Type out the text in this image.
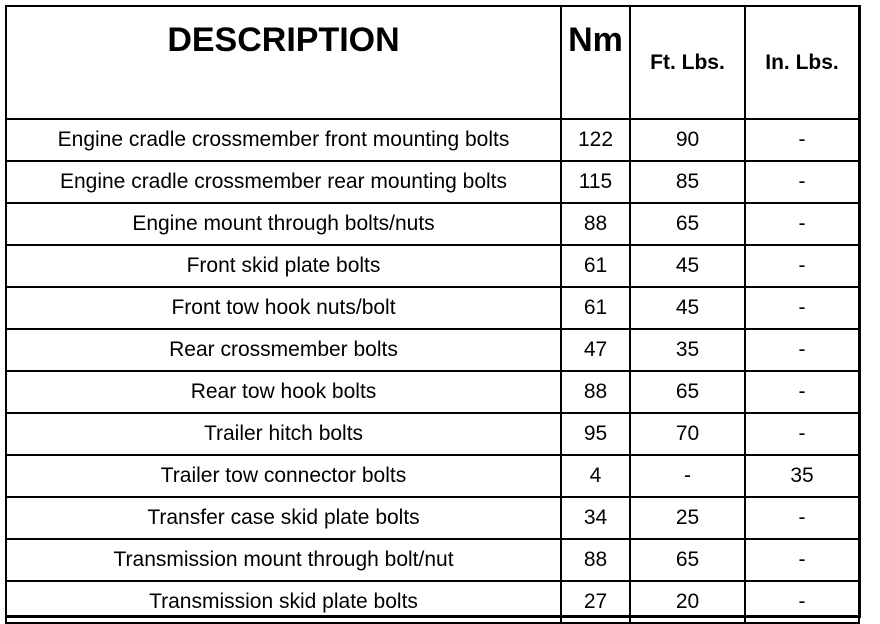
DESCRIPTION	Nm	Ft. Lbs.	In. Lbs.
Engine cradle crossmember front mounting bolts	122	90	-
Engine cradle crossmember rear mounting bolts	115	85	-
Engine mount through bolts/nuts	88	65	-
Front skid plate bolts	61	45	-
Front tow hook nuts/bolt	61	45	-
Rear crossmember bolts	47	35	-
Rear tow hook bolts	88	65	-
Trailer hitch bolts	95	70	-
Trailer tow connector bolts	4	-	35
Transfer case skid plate bolts	34	25	-
Transmission mount through bolt/nut	88	65	-
Transmission skid plate bolts	27	20	-
